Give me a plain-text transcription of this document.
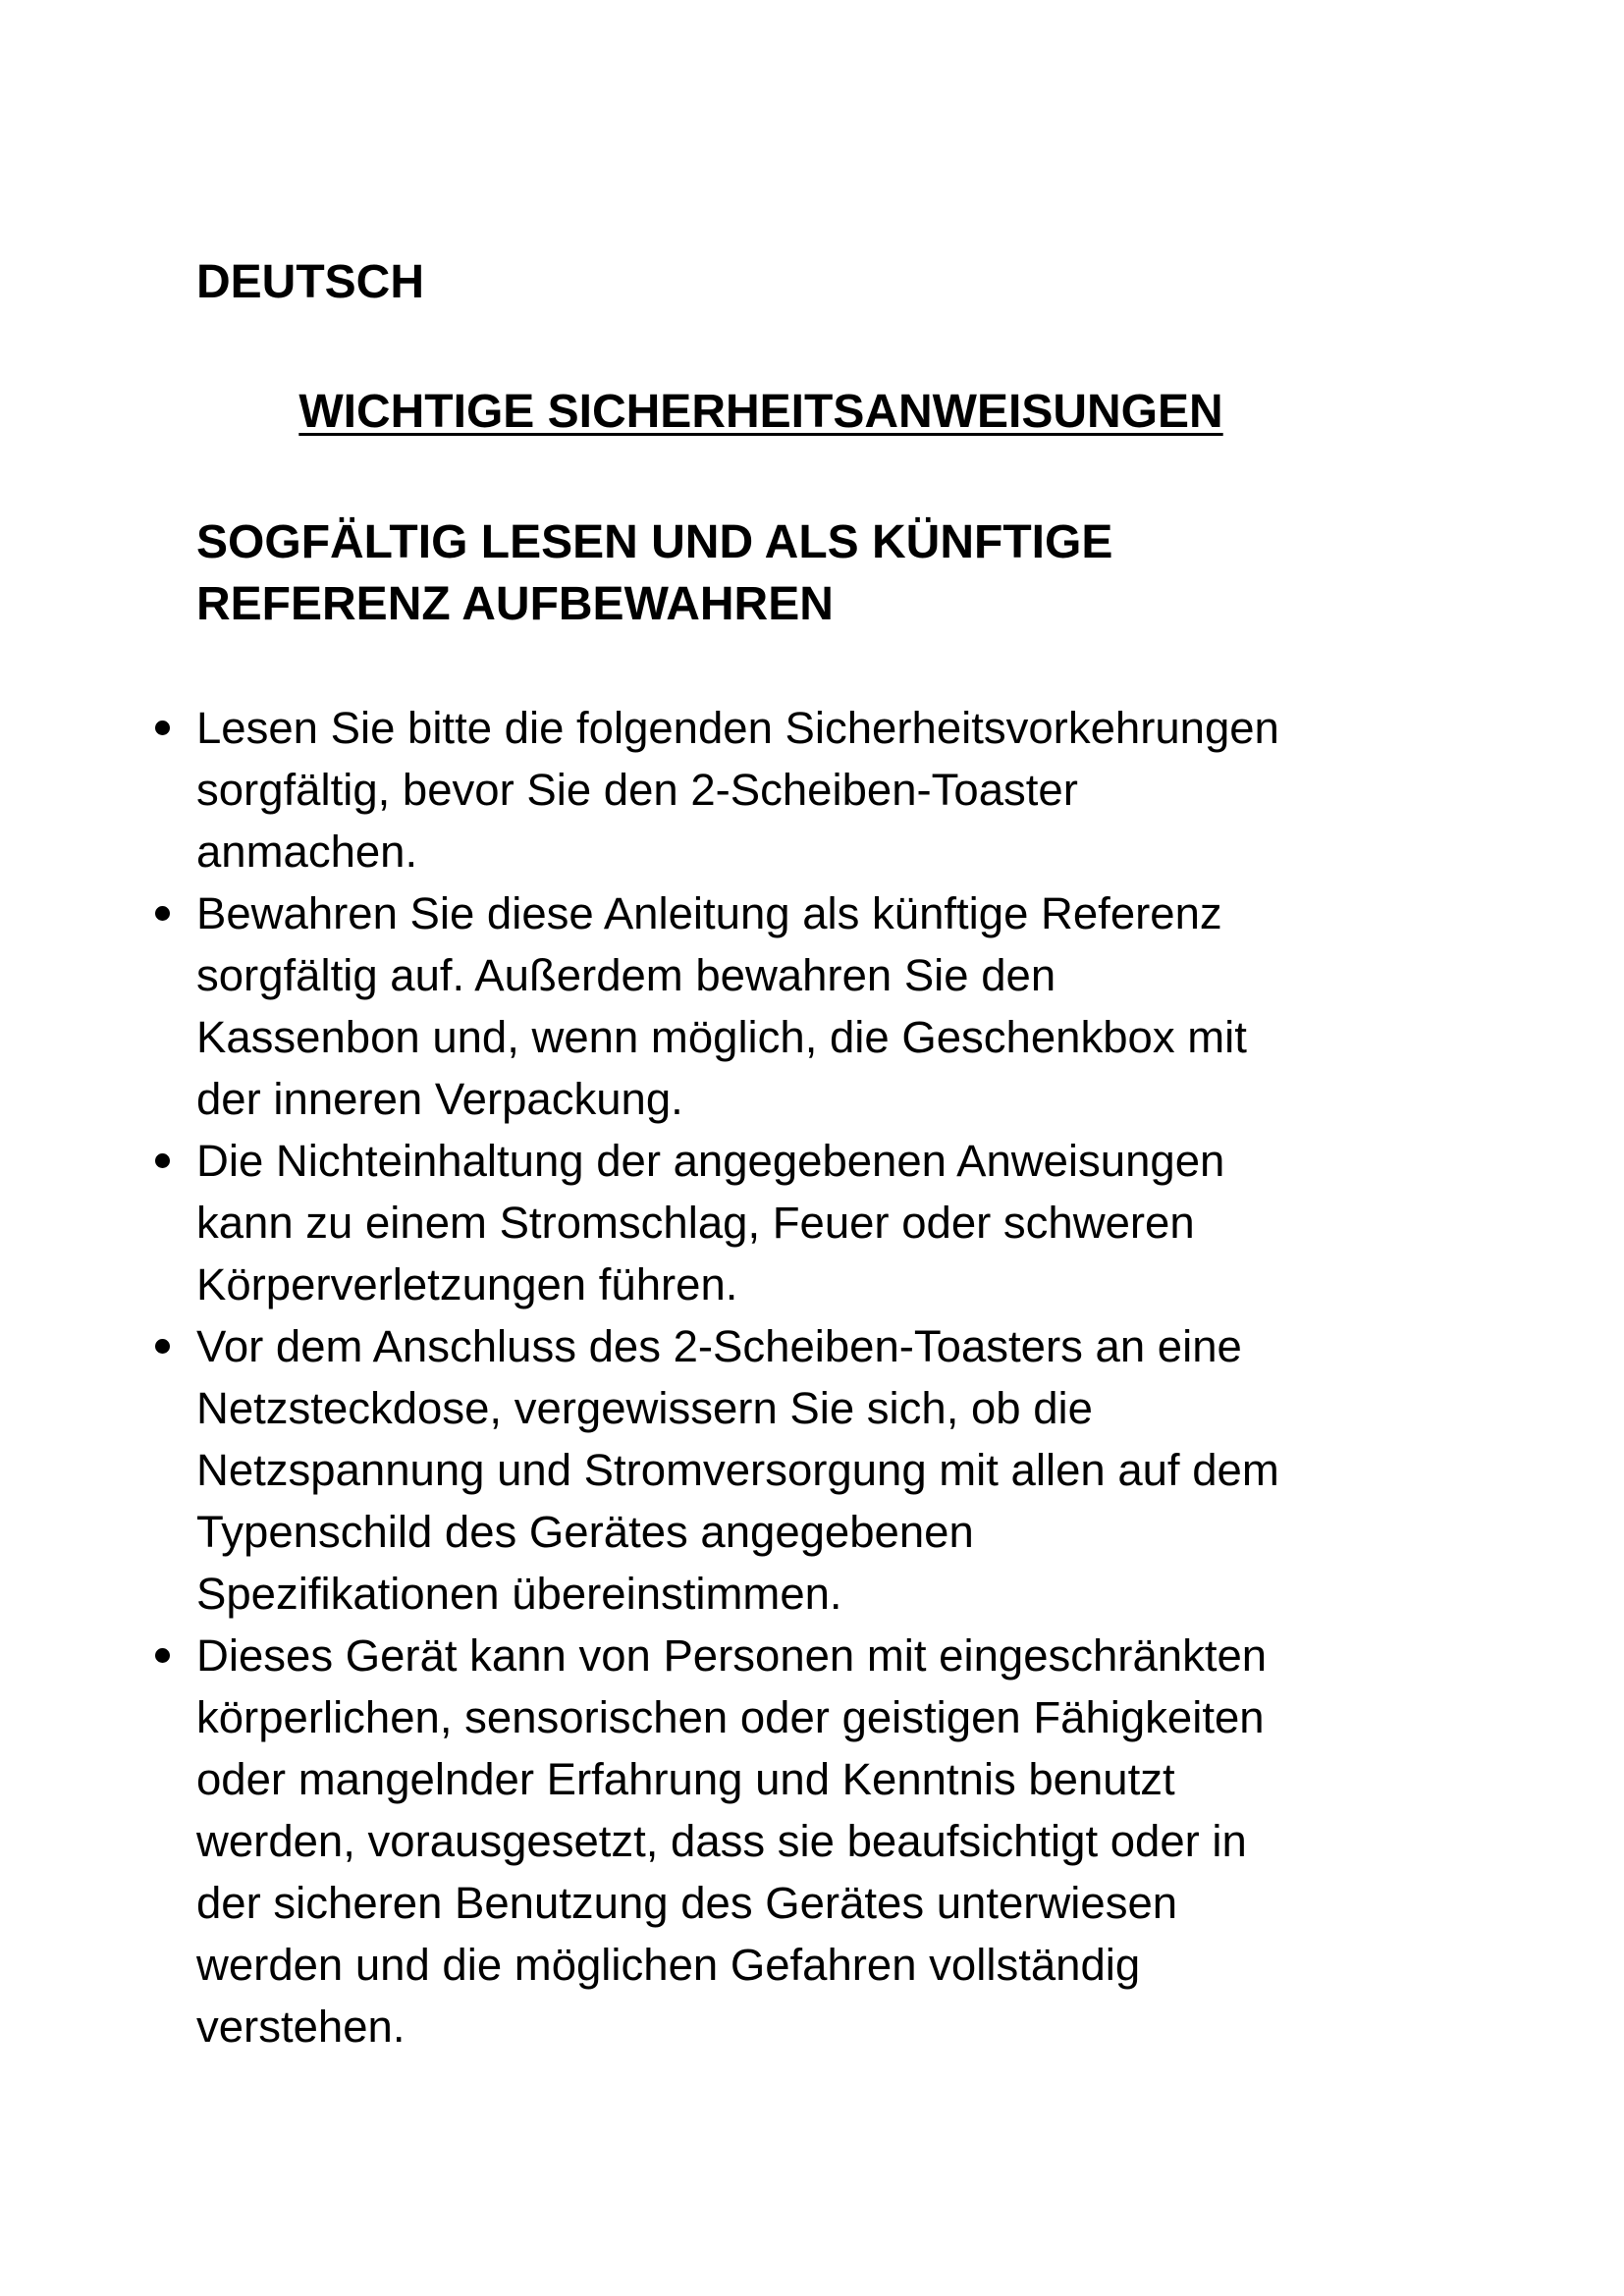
DEUTSCH

WICHTIGE SICHERHEITSANWEISUNGEN

SOGFÄLTIG LESEN UND ALS KÜNFTIGE
REFERENZ AUFBEWAHREN
Lesen Sie bitte die folgenden Sicherheitsvorkehrungen
sorgfältig, bevor Sie den 2-Scheiben-Toaster
anmachen.
Bewahren Sie diese Anleitung als künftige Referenz
sorgfältig auf. Außerdem bewahren Sie den
Kassenbon und, wenn möglich, die Geschenkbox mit
der inneren Verpackung.
Die Nichteinhaltung der angegebenen Anweisungen
kann zu einem Stromschlag, Feuer oder schweren
Körperverletzungen führen.
Vor dem Anschluss des 2-Scheiben-Toasters an eine
Netzsteckdose, vergewissern Sie sich, ob die
Netzspannung und Stromversorgung mit allen auf dem
Typenschild des Gerätes angegebenen
Spezifikationen übereinstimmen.
Dieses Gerät kann von Personen mit eingeschränkten
körperlichen, sensorischen oder geistigen Fähigkeiten
oder mangelnder Erfahrung und Kenntnis benutzt
werden, vorausgesetzt, dass sie beaufsichtigt oder in
der sicheren Benutzung des Gerätes unterwiesen
werden und die möglichen Gefahren vollständig
verstehen.
